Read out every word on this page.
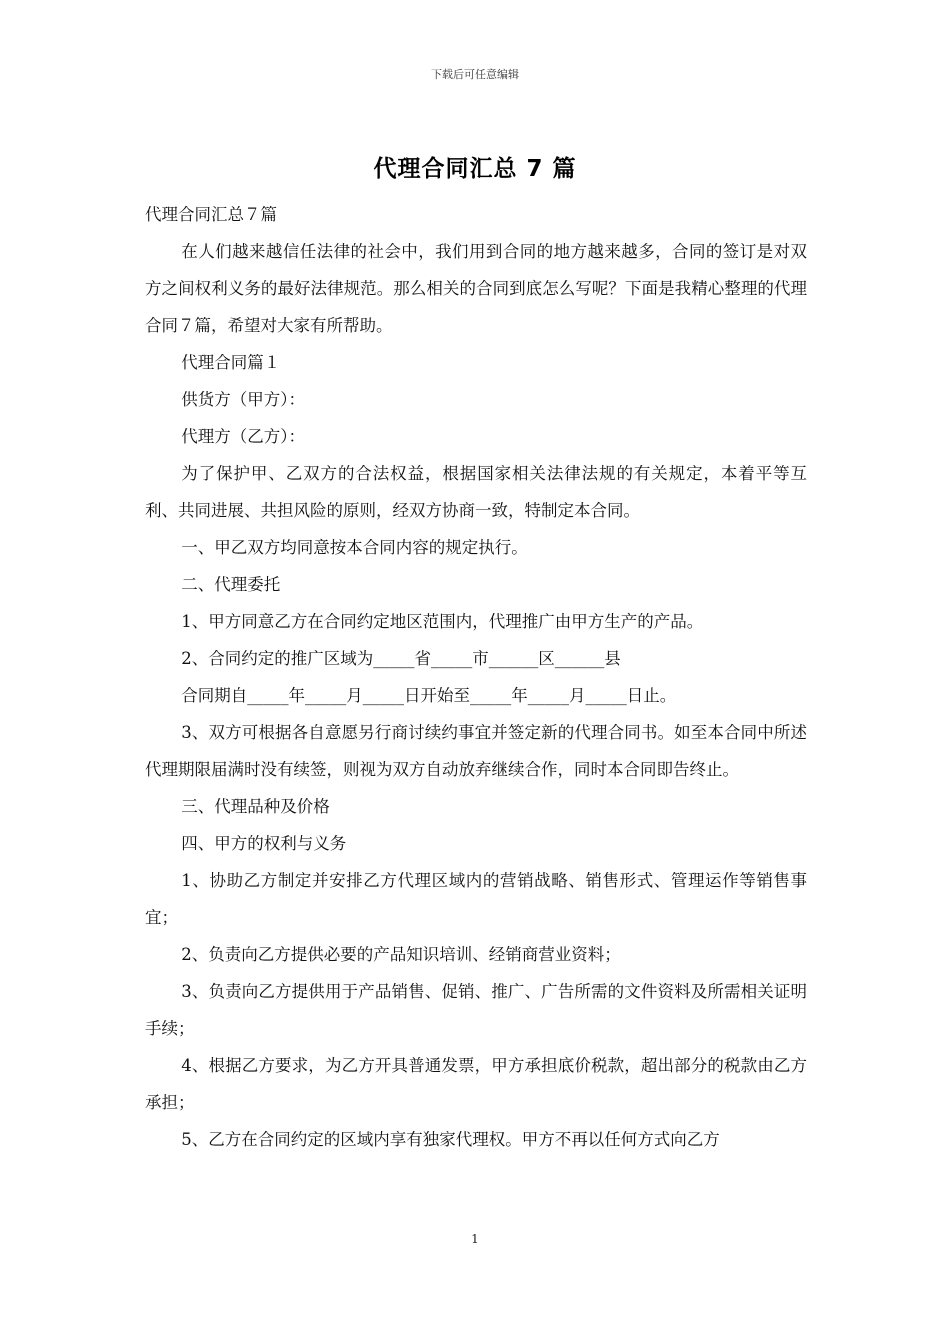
下载后可任意编辑
代理合同汇总 7 篇

代理合同汇总７篇

在人们越来越信任法律的社会中，我们用到合同的地方越来越多，合同的签订是对双方之间权利义务的最好法律规范。那么相关的合同到底怎么写呢？下面是我精心整理的代理合同７篇，希望对大家有所帮助。

代理合同篇１

供货方（甲方）：

代理方（乙方）：

为了保护甲、乙双方的合法权益，根据国家相关法律法规的有关规定，本着平等互利、共同进展、共担风险的原则，经双方协商一致，特制定本合同。

一、甲乙双方均同意按本合同内容的规定执行。

二、代理委托

1、甲方同意乙方在合同约定地区范围内，代理推广由甲方生产的产品。

2、合同约定的推广区域为_____省_____市______区______县

合同期自_____年_____月_____日开始至_____年_____月_____日止。

3、双方可根据各自意愿另行商讨续约事宜并签定新的代理合同书。如至本合同中所述代理期限届满时没有续签，则视为双方自动放弃继续合作，同时本合同即告终止。

三、代理品种及价格

四、甲方的权利与义务

1、协助乙方制定并安排乙方代理区域内的营销战略、销售形式、管理运作等销售事宜；

2、负责向乙方提供必要的产品知识培训、经销商营业资料；

3、负责向乙方提供用于产品销售、促销、推广、广告所需的文件资料及所需相关证明手续；

4、根据乙方要求，为乙方开具普通发票，甲方承担底价税款，超出部分的税款由乙方承担；

5、乙方在合同约定的区域内享有独家代理权。甲方不再以任何方式向乙方

1
